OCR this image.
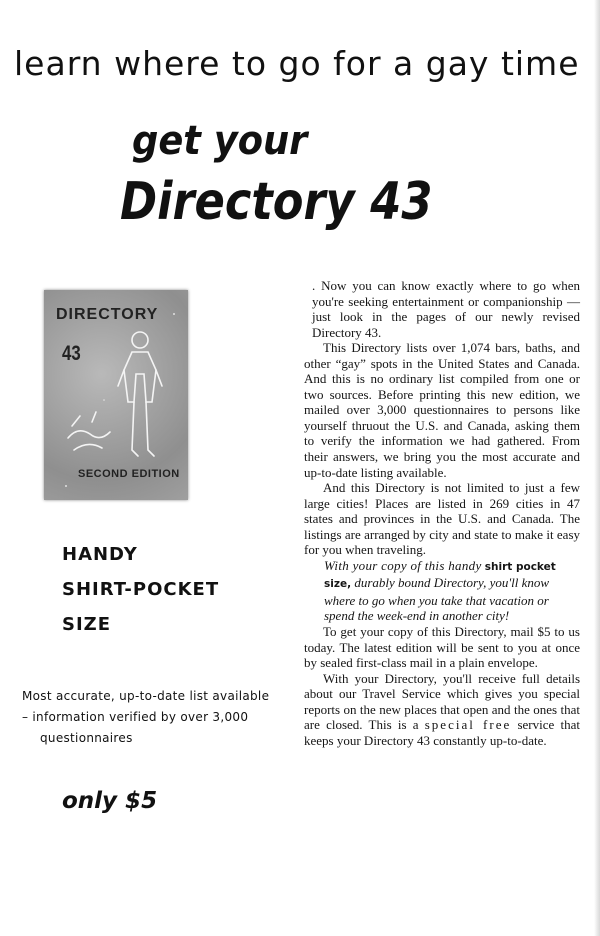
learn where to go for a gay time
get your
Directory 43
DIRECTORY
43
SECOND EDITION
HANDY
SHIRT-POCKET
SIZE
Most accurate, up-to-date list available
– information verified by over 3,000
questionnaires
only $5

. Now you can know exactly where to go when you're seeking entertainment or companionship — just look in the pages of our newly revised Directory 43.

This Directory lists over 1,074 bars, baths, and other “gay” spots in the United States and Canada. And this is no ordinary list compiled from one or two sources. Before printing this new edition, we mailed over 3,000 questionnaires to persons like yourself thruout the U.S. and Canada, asking them to verify the information we had gathered. From their answers, we bring you the most accurate and up-to-date listing available.

And this Directory is not limited to just a few large cities! Places are listed in 269 cities in 47 states and provinces in the U.S. and Canada. The listings are arranged by city and state to make it easy for you when traveling.

With your copy of this handy shirt pocket size, durably bound Directory, you'll know where to go when you take that vacation or spend the week-end in another city!

To get your copy of this Directory, mail $5 to us today. The latest edition will be sent to you at once by sealed first-class mail in a plain envelope.

With your Directory, you'll receive full details about our Travel Service which gives you special reports on the new places that open and the ones that are closed. This is a special free service that keeps your Directory 43 constantly up-to-date.
